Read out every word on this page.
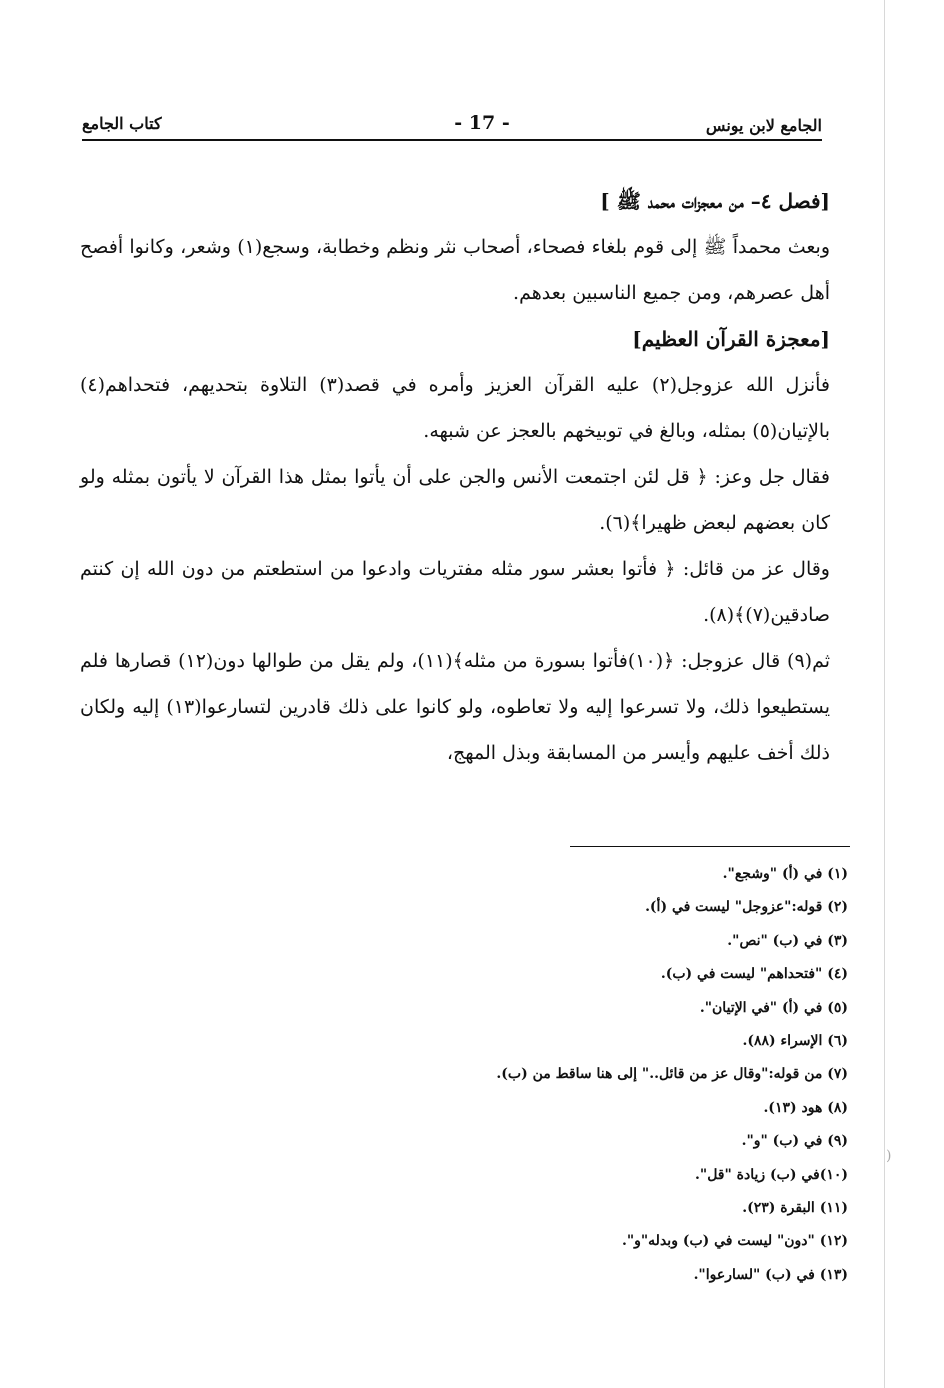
)
الجامع لابن يونس
- 17 -
كتاب الجامع

[فصل ٤– من معجزات محمد ﷺ ]

وبعث محمداً ﷺ إلى قوم بلغاء فصحاء، أصحاب نثر ونظم وخطابة، وسجع(١) وشعر، وكانوا أفصح أهل عصرهم، ومن جميع الناسبين بعدهم.

[معجزة القرآن العظيم]

فأنزل الله عزوجل(٢) عليه القرآن العزيز وأمره في قصد(٣) التلاوة بتحديهم، فتحداهم(٤) بالإتيان(٥) بمثله، وبالغ في توبيخهم بالعجز عن شبهه.

فقال جل وعز: ﴿ قل لئن اجتمعت الأنس والجن على أن يأتوا بمثل هذا القرآن لا يأتون بمثله ولو كان بعضهم لبعض ظهيرا﴾(٦).

وقال عز من قائل: ﴿ فأتوا بعشر سور مثله مفتريات وادعوا من استطعتم من دون الله إن كنتم صادقين(٧)﴾(٨).

ثم(٩) قال عزوجل: ﴿(١٠)فأتوا بسورة من مثله﴾(١١)، ولم يقل من طوالها دون(١٢) قصارها فلم يستطيعوا ذلك، ولا تسرعوا إليه ولا تعاطوه، ولو كانوا على ذلك قادرين لتسارعوا(١٣) إليه ولكان ذلك أخف عليهم وأيسر من المسابقة وبذل المهج،

(١) في (أ) "وشجع".
(٢) قوله:"عزوجل" ليست في (أ).
(٣) في (ب) "نص".
(٤) "فتحداهم" ليست في (ب).
(٥) في (أ) "في الإتيان".
(٦) الإسراء (٨٨).
(٧) من قوله:"وقال عز من قائل.." إلى هنا ساقط من (ب).
(٨) هود (١٣).
(٩) في (ب) "و".
(١٠)في (ب) زيادة "قل".
(١١) البقرة (٢٣).
(١٢) "دون" ليست في (ب) وبدله"و".
(١٣) في (ب) "لسارعوا".
